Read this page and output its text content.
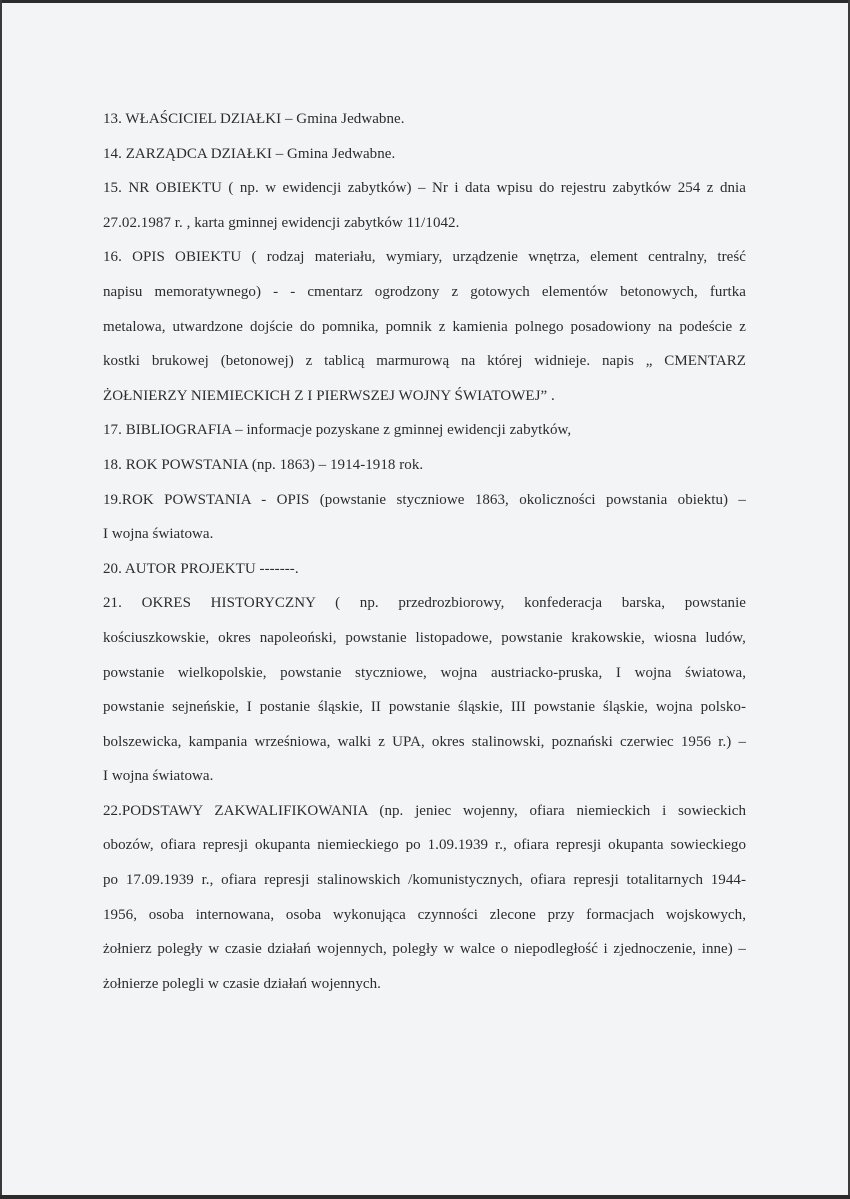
13. WŁAŚCICIEL DZIAŁKI – Gmina Jedwabne.
14. ZARZĄDCA DZIAŁKI – Gmina Jedwabne.
15. NR OBIEKTU ( np. w ewidencji zabytków) – Nr i data wpisu do rejestru zabytków 254 z dnia
27.02.1987 r. , karta gminnej ewidencji zabytków 11/1042.
16. OPIS OBIEKTU ( rodzaj materiału, wymiary, urządzenie wnętrza, element centralny, treść
napisu memoratywnego) - - cmentarz ogrodzony z gotowych elementów betonowych, furtka
metalowa, utwardzone dojście do pomnika, pomnik z kamienia polnego posadowiony na podeście z
kostki brukowej (betonowej) z tablicą marmurową na której widnieje. napis „ CMENTARZ
ŻOŁNIERZY NIEMIECKICH Z I PIERWSZEJ WOJNY ŚWIATOWEJ” .
17. BIBLIOGRAFIA – informacje pozyskane z gminnej ewidencji zabytków,
18. ROK POWSTANIA (np. 1863) – 1914-1918 rok.
19.ROK POWSTANIA - OPIS (powstanie styczniowe 1863, okoliczności powstania obiektu) –
I wojna światowa.
20. AUTOR PROJEKTU -------.
21. OKRES HISTORYCZNY ( np. przedrozbiorowy, konfederacja barska, powstanie
kościuszkowskie, okres napoleoński, powstanie listopadowe, powstanie krakowskie, wiosna ludów,
powstanie wielkopolskie, powstanie styczniowe, wojna austriacko-pruska, I wojna światowa,
powstanie sejneńskie, I postanie śląskie, II powstanie śląskie, III powstanie śląskie, wojna polsko-
bolszewicka, kampania wrześniowa, walki z UPA, okres stalinowski, poznański czerwiec 1956 r.) –
I wojna światowa.
22.PODSTAWY ZAKWALIFIKOWANIA (np. jeniec wojenny, ofiara niemieckich i sowieckich
obozów, ofiara represji okupanta niemieckiego po 1.09.1939 r., ofiara represji okupanta sowieckiego
po 17.09.1939 r., ofiara represji stalinowskich /komunistycznych, ofiara represji totalitarnych 1944-
1956, osoba internowana, osoba wykonująca czynności zlecone przy formacjach wojskowych,
żołnierz poległy w czasie działań wojennych, poległy w walce o niepodległość i zjednoczenie, inne) –
żołnierze polegli w czasie działań wojennych.
